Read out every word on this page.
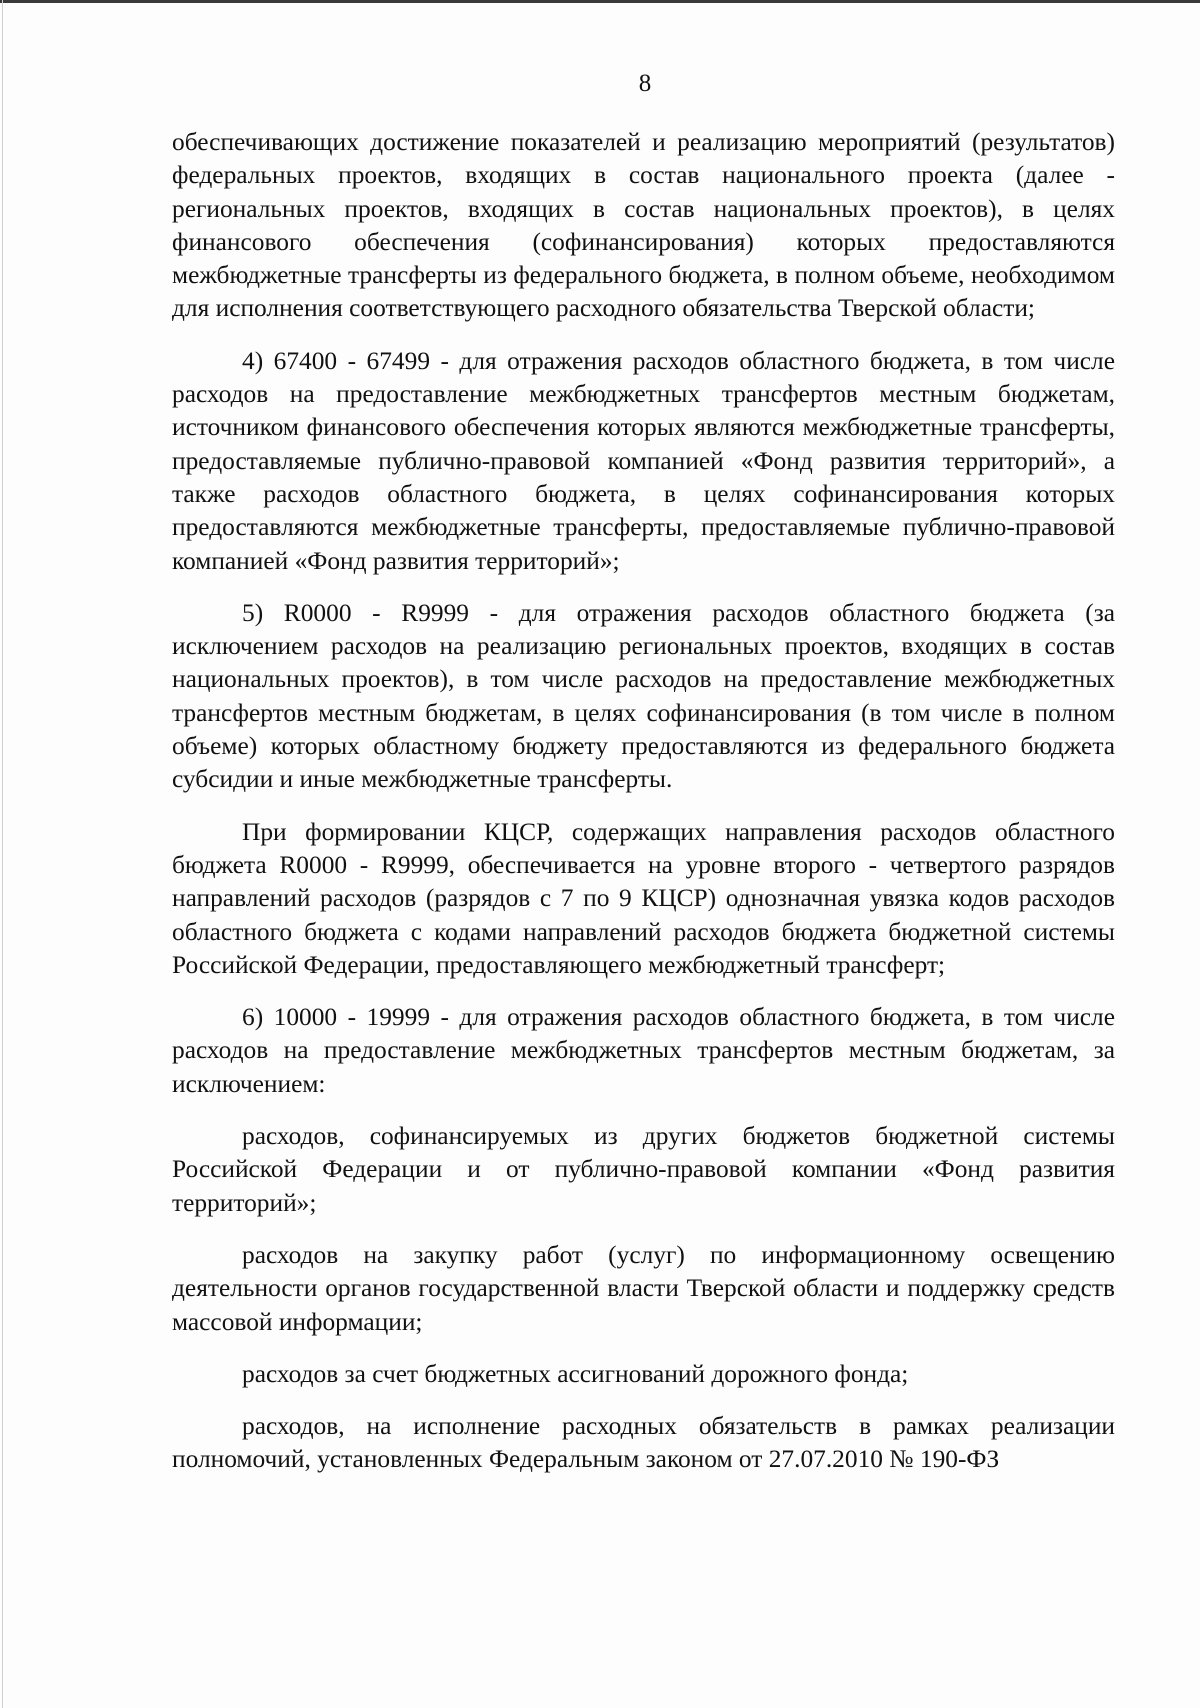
8

обеспечивающих достижение показателей и реализацию мероприятий (результатов) федеральных проектов, входящих в состав национального проекта (далее - региональных проектов, входящих в состав национальных проектов), в целях финансового обеспечения (софинансирования) которых предоставляются межбюджетные трансферты из федерального бюджета, в полном объеме, необходимом для исполнения соответствующего расходного обязательства Тверской области;

4) 67400 - 67499 - для отражения расходов областного бюджета, в том числе расходов на предоставление межбюджетных трансфертов местным бюджетам, источником финансового обеспечения которых являются межбюджетные трансферты, предоставляемые публично-правовой компанией «Фонд развития территорий», а также расходов областного бюджета, в целях софинансирования которых предоставляются межбюджетные трансферты, предоставляемые публично-правовой компанией «Фонд развития территорий»;

5) R0000 - R9999 - для отражения расходов областного бюджета (за исключением расходов на реализацию региональных проектов, входящих в состав национальных проектов), в том числе расходов на предоставление межбюджетных трансфертов местным бюджетам, в целях софинансирования (в том числе в полном объеме) которых областному бюджету предоставляются из федерального бюджета субсидии и иные межбюджетные трансферты.

При формировании КЦСР, содержащих направления расходов областного бюджета R0000 - R9999, обеспечивается на уровне второго - четвертого разрядов направлений расходов (разрядов с 7 по 9 КЦСР) однозначная увязка кодов расходов областного бюджета с кодами направлений расходов бюджета бюджетной системы Российской Федерации, предоставляющего межбюджетный трансферт;

6) 10000 - 19999 - для отражения расходов областного бюджета, в том числе расходов на предоставление межбюджетных трансфертов местным бюджетам, за исключением:

расходов, софинансируемых из других бюджетов бюджетной системы Российской Федерации и от публично-правовой компании «Фонд развития территорий»;

расходов на закупку работ (услуг) по информационному освещению деятельности органов государственной власти Тверской области и поддержку средств массовой информации;

расходов за счет бюджетных ассигнований дорожного фонда;

расходов, на исполнение расходных обязательств в рамках реализации полномочий, установленных Федеральным законом от 27.07.2010 № 190-ФЗ
